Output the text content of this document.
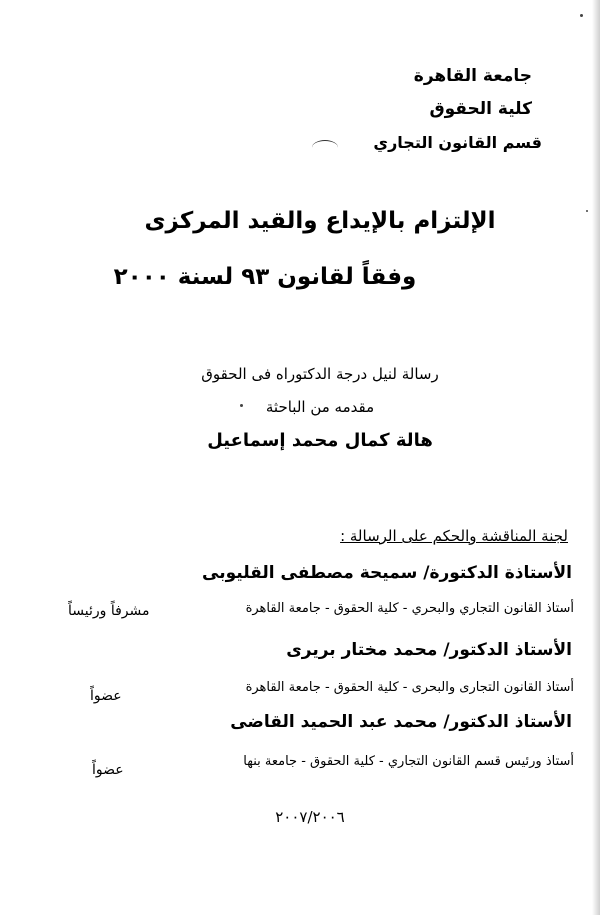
جامعة القاهرة
كلية الحقوق
قسم القانون التجاري
الإلتزام بالإيداع والقيد المركزى
وفقاً لقانون ٩٣ لسنة ٢٠٠٠
رسالة لنيل درجة الدكتوراه فى الحقوق
مقدمه من الباحثة
هالة كمال محمد إسماعيل
لجنة المناقشة والحكم على الرسالة :
الأستاذة الدكتورة/ سميحة مصطفى القليوبى
أستاذ القانون التجاري والبحري - كلية الحقوق - جامعة القاهرة
مشرفاً ورئيساً
الأستاذ الدكتور/ محمد مختار بريرى
أستاذ القانون التجارى والبحرى - كلية الحقوق - جامعة القاهرة
عضواً
الأستاذ الدكتور/ محمد عبد الحميد القاضى
أستاذ ورئيس قسم القانون التجاري - كلية الحقوق - جامعة بنها
عضواً
٢٠٠٧/٢٠٠٦
